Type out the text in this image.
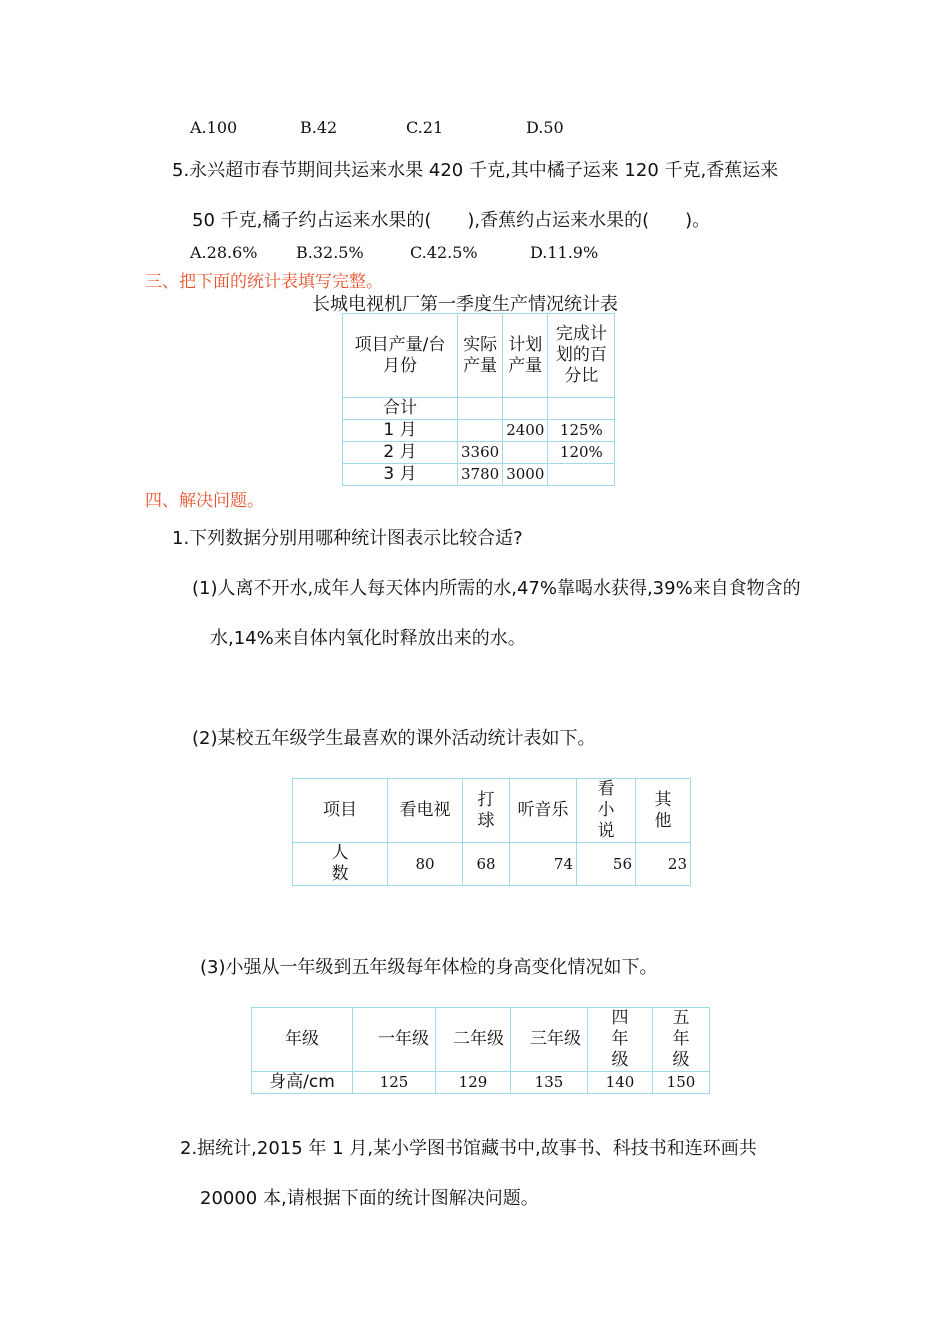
A.100	B.42	C.21	D.50
5.永兴超市春节期间共运来水果 420 千克,其中橘子运来 120 千克,香蕉运来
50 千克,橘子约占运来水果的(　　),香蕉约占运来水果的(　　)。
A.28.6% B.32.5%	C.42.5%	D.11.9%
三、把下面的统计表填写完整。
长城电视机厂第一季度生产情况统计表
项目产量/台
月份	实际产量	计划产量	完成计划的百分比
合计			
1 月		2400	125%
2 月	3360		120%
3 月	3780	3000	
四、解决问题。
1.下列数据分别用哪种统计图表示比较合适?
(1)人离不开水,成年人每天体内所需的水,47%靠喝水获得,39%来自食物含的
水,14%来自体内氧化时释放出来的水。
(2)某校五年级学生最喜欢的课外活动统计表如下。
项目	看电视	打球	听音乐	看小说	其他
人数	80	68	74	56	23
(3)小强从一年级到五年级每年体检的身高变化情况如下。
年级	一年级	二年级	三年级	四年级	五年级
身高/cm	125	129	135	140	150
2.据统计,2015 年 1 月,某小学图书馆藏书中,故事书、科技书和连环画共
20000 本,请根据下面的统计图解决问题。
